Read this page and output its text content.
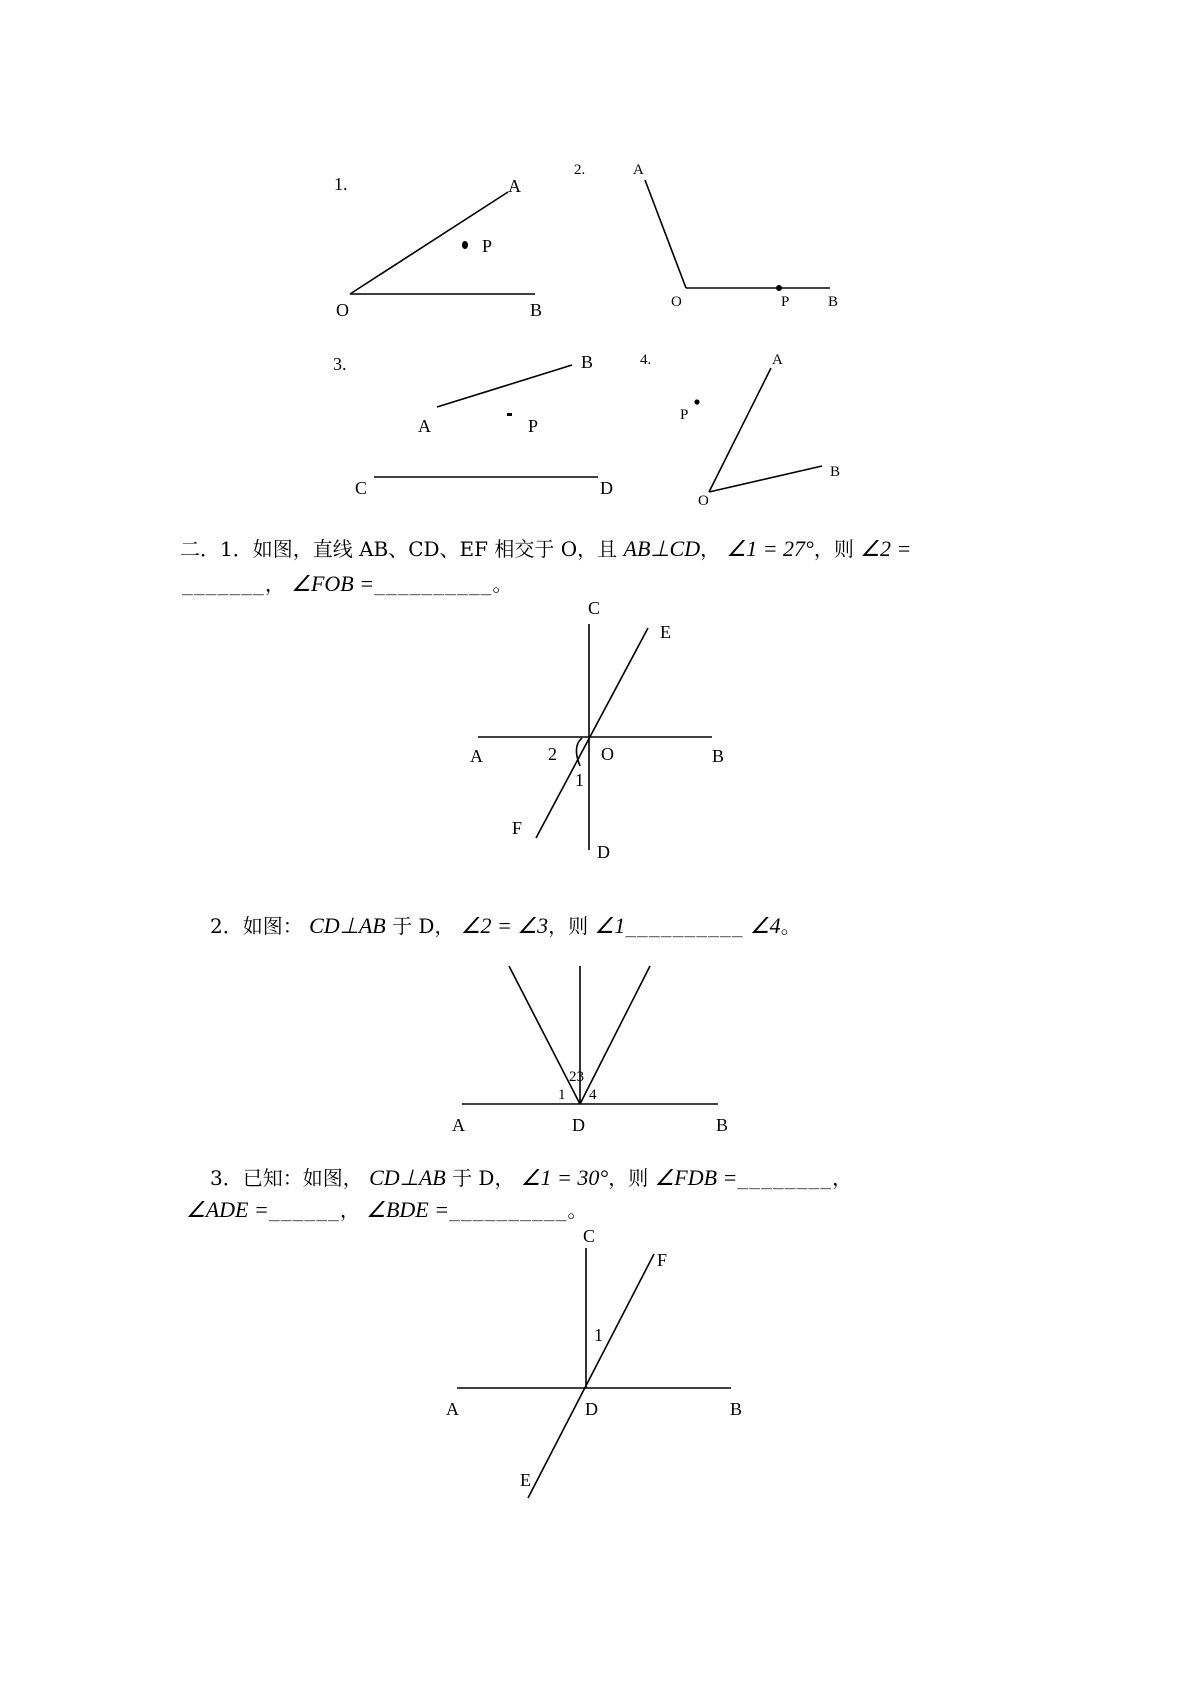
1.	A
P
O	B
2.	A
O	P	B
3.	B
A	P
C	D
4.	A
P
O
B
C
E
A	2 O	B
1
F
D
23
1 4
A	D	B
C
F
1
A	D	B
E
二．1．如图，直线 AB、CD、EF 相交于 O，且 AB⊥CD， ∠1 = 27°，则 ∠2 =
_______， ∠FOB =__________。
2．如图： CD⊥AB 于 D， ∠2 = ∠3，则 ∠1__________ ∠4。
3．已知：如图， CD⊥AB 于 D， ∠1 = 30°，则 ∠FDB =________，
∠ADE =______， ∠BDE =__________。
